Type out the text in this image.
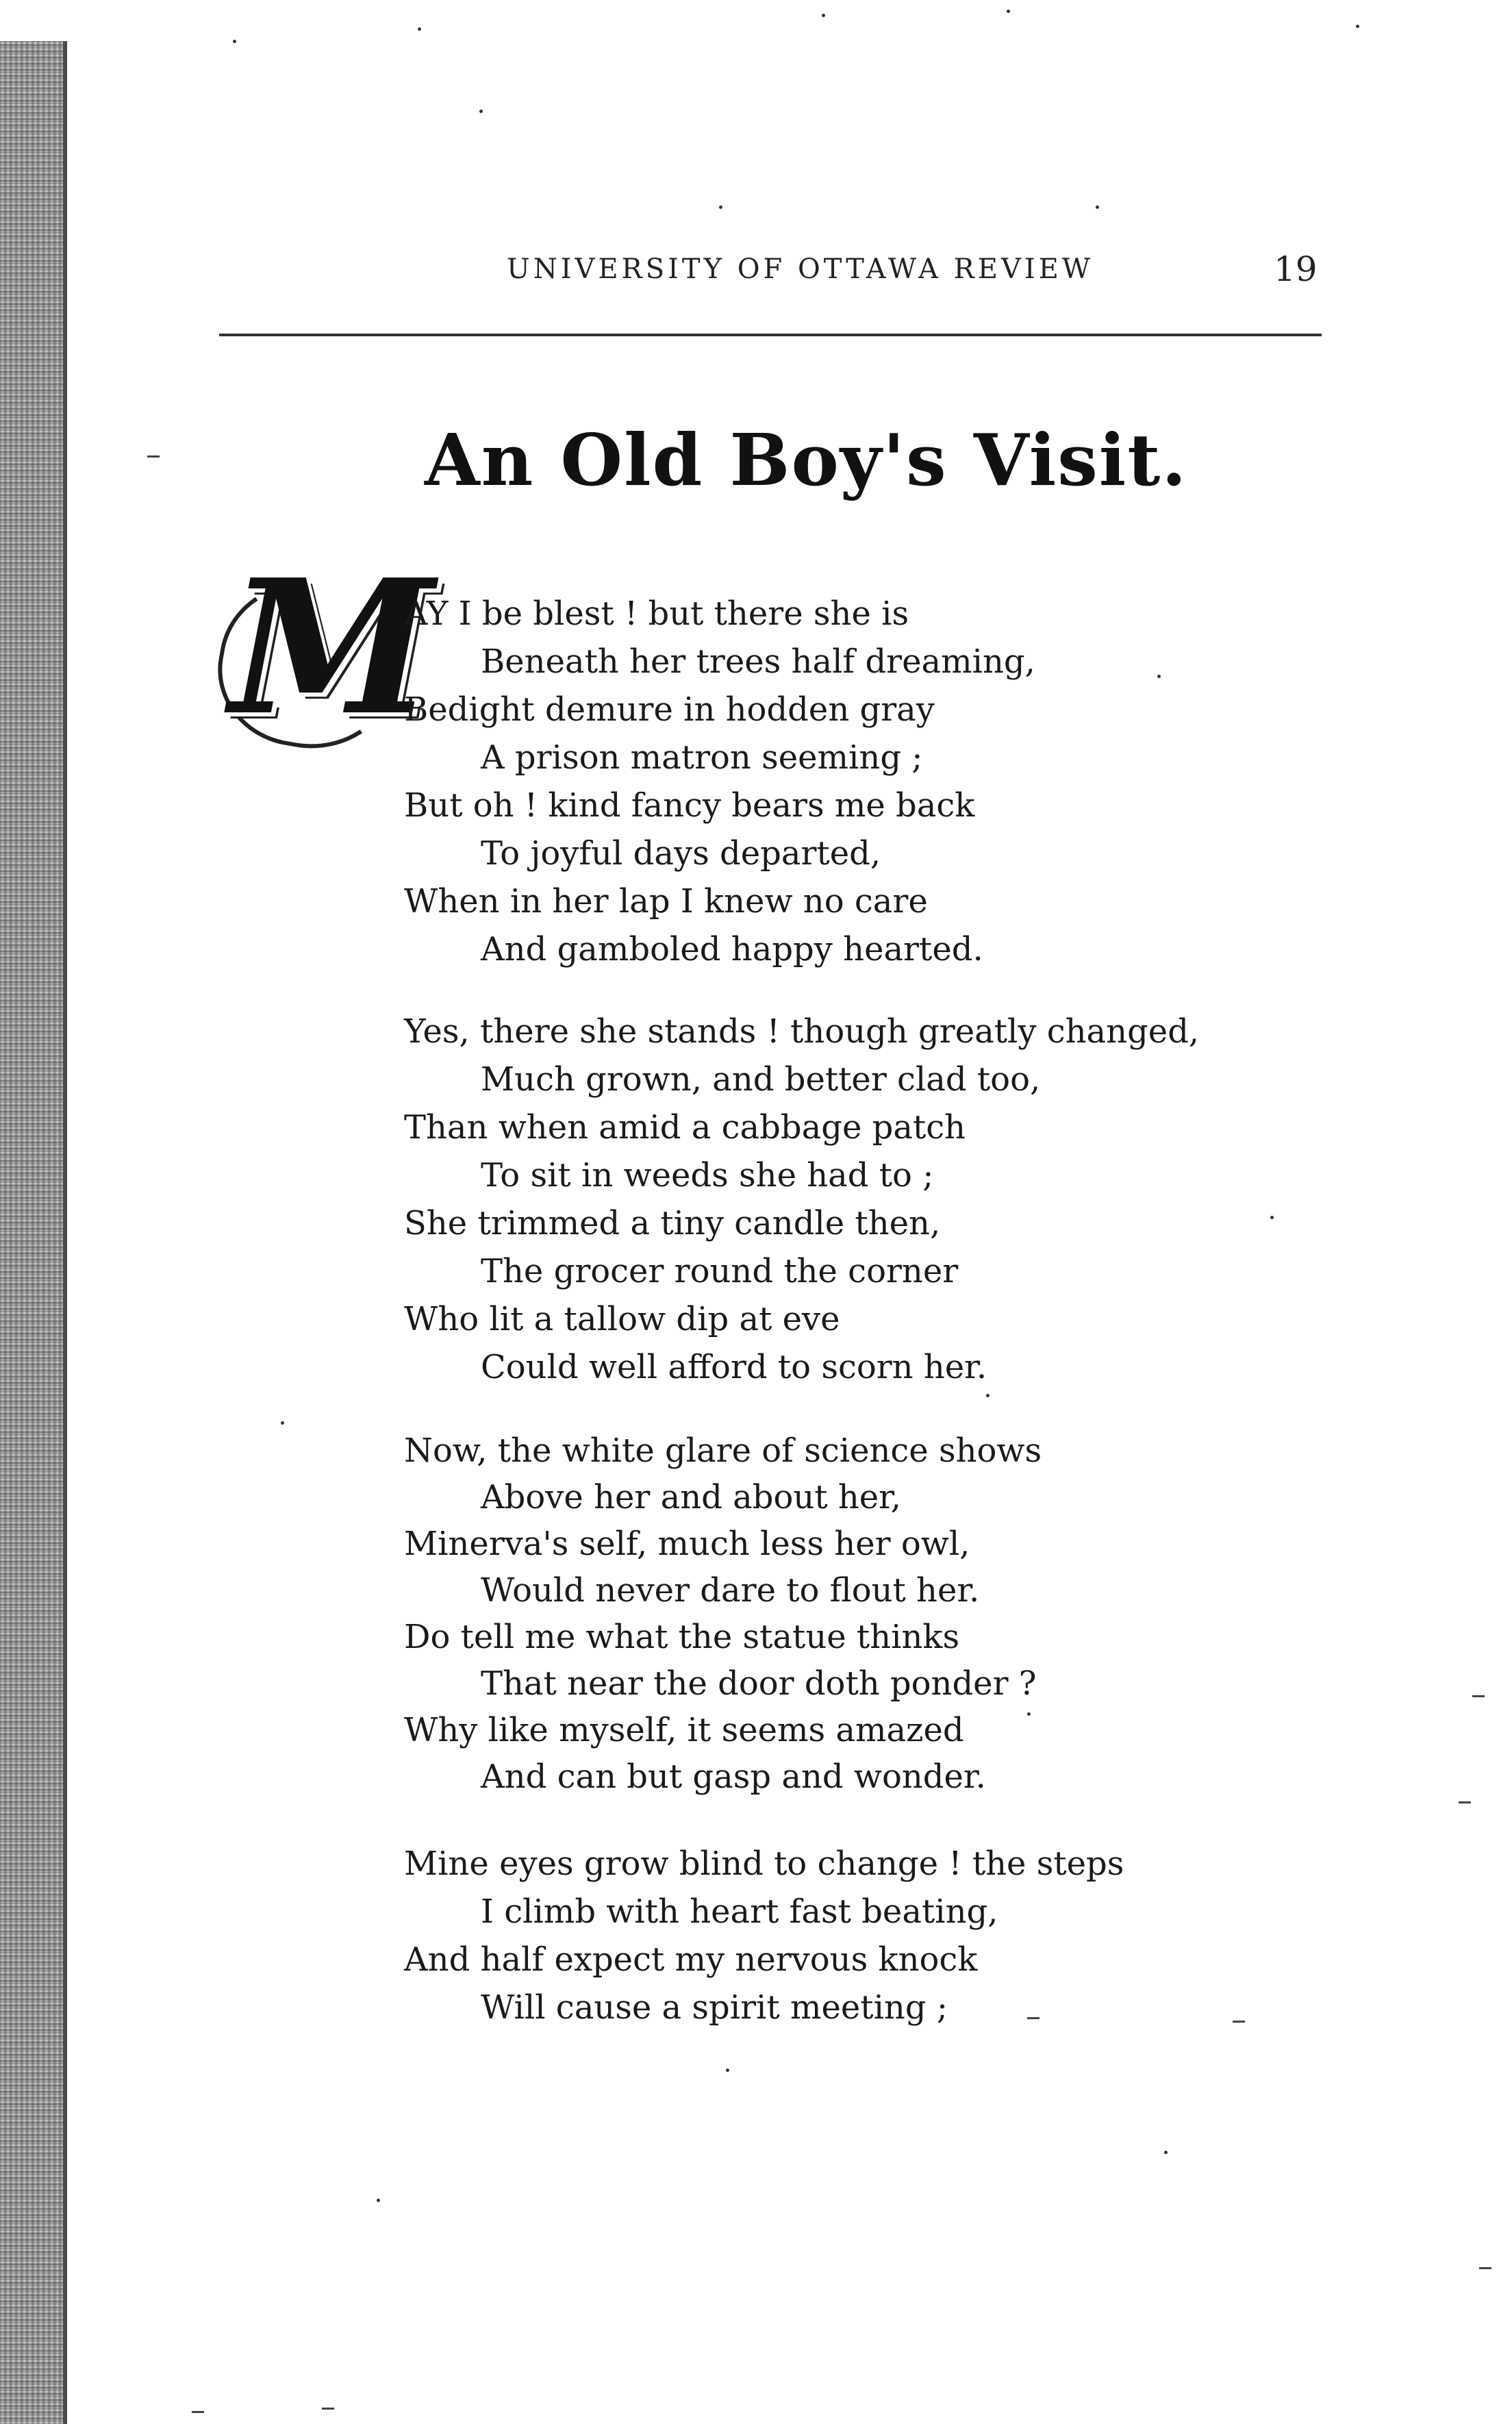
UNIVERSITY OF OTTAWA REVIEW	19
An Old Boy's Visit.
M
AY I be blest ! but there she is
Beneath her trees half dreaming,
Bedight demure in hodden gray
A prison matron seeming ;
But oh ! kind fancy bears me back
To joyful days departed,
When in her lap I knew no care
And gamboled happy hearted.
Yes, there she stands ! though greatly changed,
Much grown, and better clad too,
Than when amid a cabbage patch
To sit in weeds she had to ;
She trimmed a tiny candle then,
The grocer round the corner
Who lit a tallow dip at eve
Could well afford to scorn her.
Now, the white glare of science shows
Above her and about her,
Minerva's self, much less her owl,
Would never dare to flout her.
Do tell me what the statue thinks
That near the door doth ponder ?
Why like myself, it seems amazed
And can but gasp and wonder.
Mine eyes grow blind to change ! the steps
I climb with heart fast beating,
And half expect my nervous knock
Will cause a spirit meeting ;
